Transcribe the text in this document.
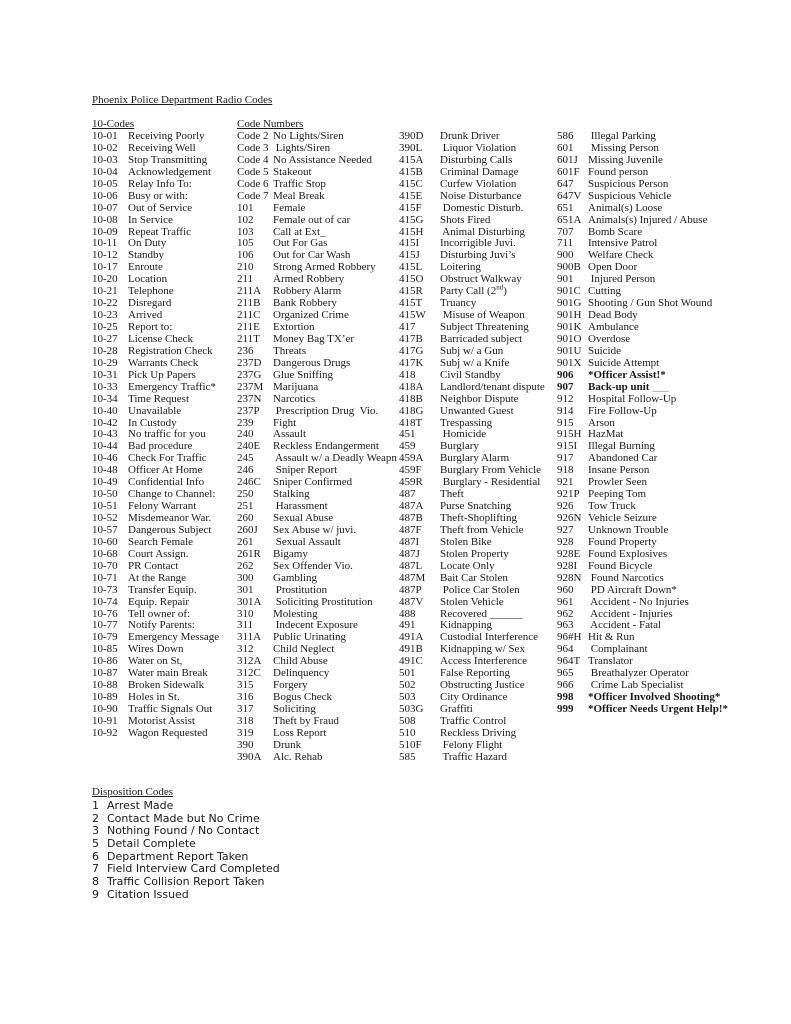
Phoenix Police Department Radio Codes
10-Codes
10-01 Receiving Poorly
10-02 Receiving Well
10-03 Stop Transmitting
10-04 Acknowledgement
10-05 Relay Info To:
10-06 Busy or with:
10-07 Out of Service
10-08 In Service
10-09 Repeat Traffic
10-11 On Duty
10-12 Standby
10-17 Enroute
10-20 Location
10-21 Telephone
10-22 Disregard
10-23 Arrived
10-25 Report to:
10-27 License Check
10-28 Registration Check
10-29 Warrants Check
10-31 Pick Up Papers
10-33 Emergency Traffic*
10-34 Time Request
10-40 Unavailable
10-42 In Custody
10-43 No traffic for you
10-44 Bad procedure
10-46 Check For Traffic
10-48 Officer At Home
10-49 Confidential Info
10-50 Change to Channel:
10-51 Felony Warrant
10-52 Misdemeanor War.
10-57 Dangerous Subject
10-60 Search Female
10-68 Court Assign.
10-70 PR Contact
10-71 At the Range
10-73 Transfer Equip.
10-74 Equip. Repair
10-76 Tell owner of:
10-77 Notify Parents:
10-79 Emergency Message
10-85 Wires Down
10-86 Water on St,
10-87 Water main Break
10-88 Broken Sidewalk
10-89 Holes in St.
10-90 Traffic Signals Out
10-91 Motorist Assist
10-92 Wagon Requested
Code Numbers
Code 2 No Lights/Siren
Code 3 Lights/Siren
Code 4 No Assistance Needed
Code 5 Stakeout
Code 6 Traffic Stop
Code 7 Meal Break
101	Female
102	Female out of car
103	Call at Ext_
105	Out For Gas
106	Out for Car Wash
210	Strong Armed Robbery
211	Armed Robbery
211A	Robbery Alarm
211B	Bank Robbery
211C	Organized Crime
211E	Extortion
211T	Money Bag TX’er
236	Threats
237D	Dangerous Drugs
237G	Glue Sniffing
237M Marijuana
237N	Narcotics
237P	Prescription Drug  Vio.
239	Fight
240	Assault
240E	Reckless Endangerment
245	Assault w/ a Deadly Weapn
246	Sniper Report
246C	Sniper Confirmed
250	Stalking
251	Harassment
260	Sexual Abuse
260J	Sex Abuse w/ juvi.
261	Sexual Assault
261R	Bigamy
262	Sex Offender Vio.
300	Gambling
301	Prostitution
301A	Soliciting Prostitution
310	Molesting
311	Indecent Exposure
311A	Public Urinating
312	Child Neglect
312A	Child Abuse
312C	Delinquency
315	Forgery
316	Bogus Check
317	Soliciting
318	Theft by Fraud
319	Loss Report
390	Drunk
390A	Alc. Rehab
390D	Drunk Driver
390L	Liquor Violation
415A	Disturbing Calls
415B	Criminal Damage
415C	Curfew Violation
415E	Noise Disturbance
415F	Domestic Disturb.
415G	Shots Fired
415H	Animal Disturbing
415I	Incorrigible Juvi.
415J	Disturbing Juvi’s
415L	Loitering
415O	Obstruct Walkway
415R	Party Call (2nd)
415T	Truancy
415W	Misuse of Weapon
417	Subject Threatening
417B	Barricaded subject
417G	Subj w/ a Gun
417K	Subj w/ a Knife
418	Civil Standby
418A	Landlord/tenant dispute
418B	Neighbor Dispute
418G	Unwanted Guest
418T	Trespassing
451	Homicide
459	Burglary
459A	Burglary Alarm
459F	Burglary From Vehicle
459R	Burglary - Residential
487	Theft
487A	Purse Snatching
487B	Theft-Shoplifting
487F	Theft from Vehicle
487I	Stolen Bike
487J	Stolen Property
487L	Locate Only
487M	Bait Car Stolen
487P	Police Car Stolen
487V	Stolen Vehicle
488	Recovered ______
491	Kidnapping
491A	Custodial Interference
491B	Kidnapping w/ Sex
491C	Access Interference
501	False Reporting
502	Obstructing Justice
503	City Ordinance
503G	Graffiti
508	Traffic Control
510	Reckless Driving
510F	Felony Flight
585	Traffic Hazard
586	Illegal Parking
601	Missing Person
601J Missing Juvenile
601F Found person
647	Suspicious Person
647V Suspicious Vehicle
651	Animal(s) Loose
651A Animals(s) Injured / Abuse
707	Bomb Scare
711	Intensive Patrol
900	Welfare Check
900B Open Door
901	Injured Person
901C Cutting
901G Shooting / Gun Shot Wound
901H Dead Body
901K Ambulance
901O Overdose
901U Suicide
901X Suicide Attempt
906	*Officer Assist!*
907	Back-up unit ___
912	Hospital Follow-Up
914	Fire Follow-Up
915	Arson
915H HazMat
915I Illegal Burning
917	Abandoned Car
918	Insane Person
921	Prowler Seen
921P Peeping Tom
926	Tow Truck
926N Vehicle Seizure
927	Unknown Trouble
928	Found Property
928E Found Explosives
928I Found Bicycle
928N Found Narcotics
960	PD Aircraft Down*
961	Accident - No Injuries
962	Accident - Injuries
963	Accident - Fatal
96#H Hit & Run
964	Complainant
964T Translator
965	Breathalyzer Operator
966	Crime Lab Specialist
998	*Officer Involved Shooting*
999	*Officer Needs Urgent Help!*
Disposition Codes
1 Arrest Made
2 Contact Made but No Crime
3 Nothing Found / No Contact
5 Detail Complete
6 Department Report Taken
7 Field Interview Card Completed
8 Traffic Collision Report Taken
9 Citation Issued
